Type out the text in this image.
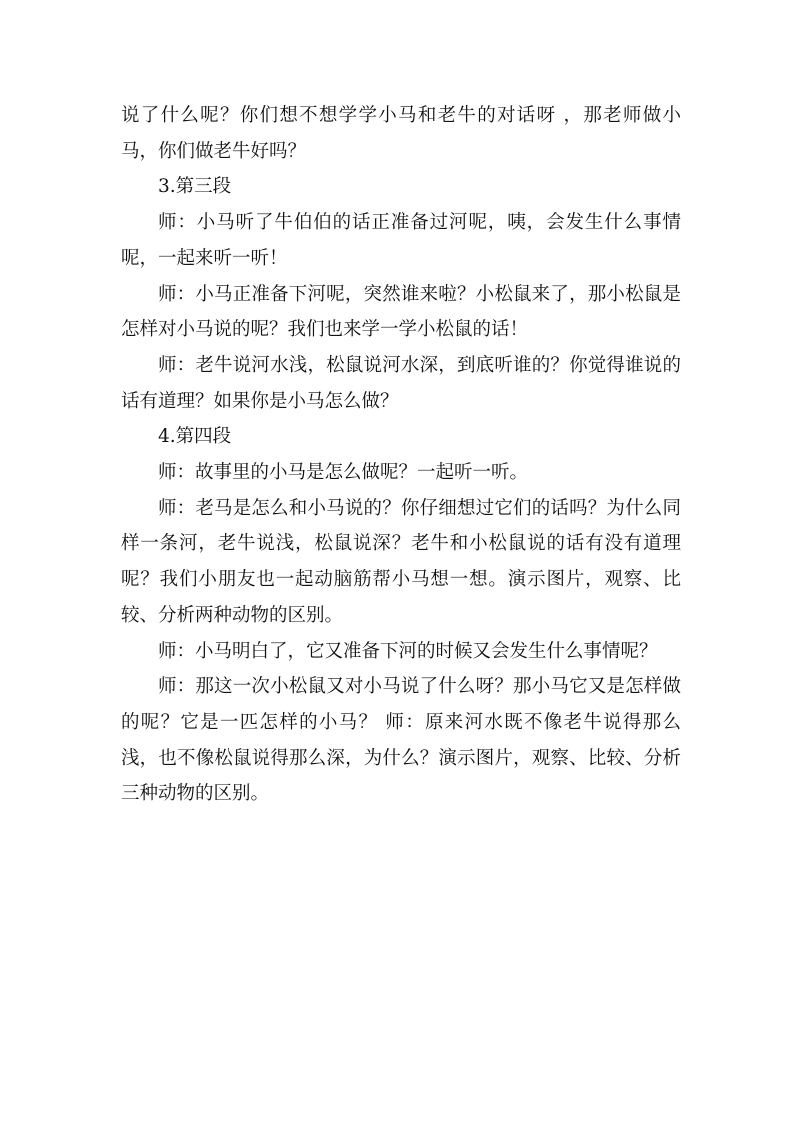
说了什么呢？你们想不想学学小马和老牛的对话呀 ，那老师做小马，你们做老牛好吗？

3.第三段

师：小马听了牛伯伯的话正准备过河呢，咦，会发生什么事情呢，一起来听一听！

师：小马正准备下河呢，突然谁来啦？小松鼠来了，那小松鼠是怎样对小马说的呢？我们也来学一学小松鼠的话！

师：老牛说河水浅，松鼠说河水深，到底听谁的？你觉得谁说的话有道理？如果你是小马怎么做？

4.第四段

师：故事里的小马是怎么做呢？一起听一听。

师：老马是怎么和小马说的？你仔细想过它们的话吗？为什么同样一条河，老牛说浅，松鼠说深？老牛和小松鼠说的话有没有道理呢？我们小朋友也一起动脑筋帮小马想一想。演示图片，观察、比较、分析两种动物的区别。

师：小马明白了，它又准备下河的时候又会发生什么事情呢？

师：那这一次小松鼠又对小马说了什么呀？那小马它又是怎样做的呢？它是一匹怎样的小马？ 师：原来河水既不像老牛说得那么浅，也不像松鼠说得那么深，为什么？演示图片，观察、比较、分析三种动物的区别。
